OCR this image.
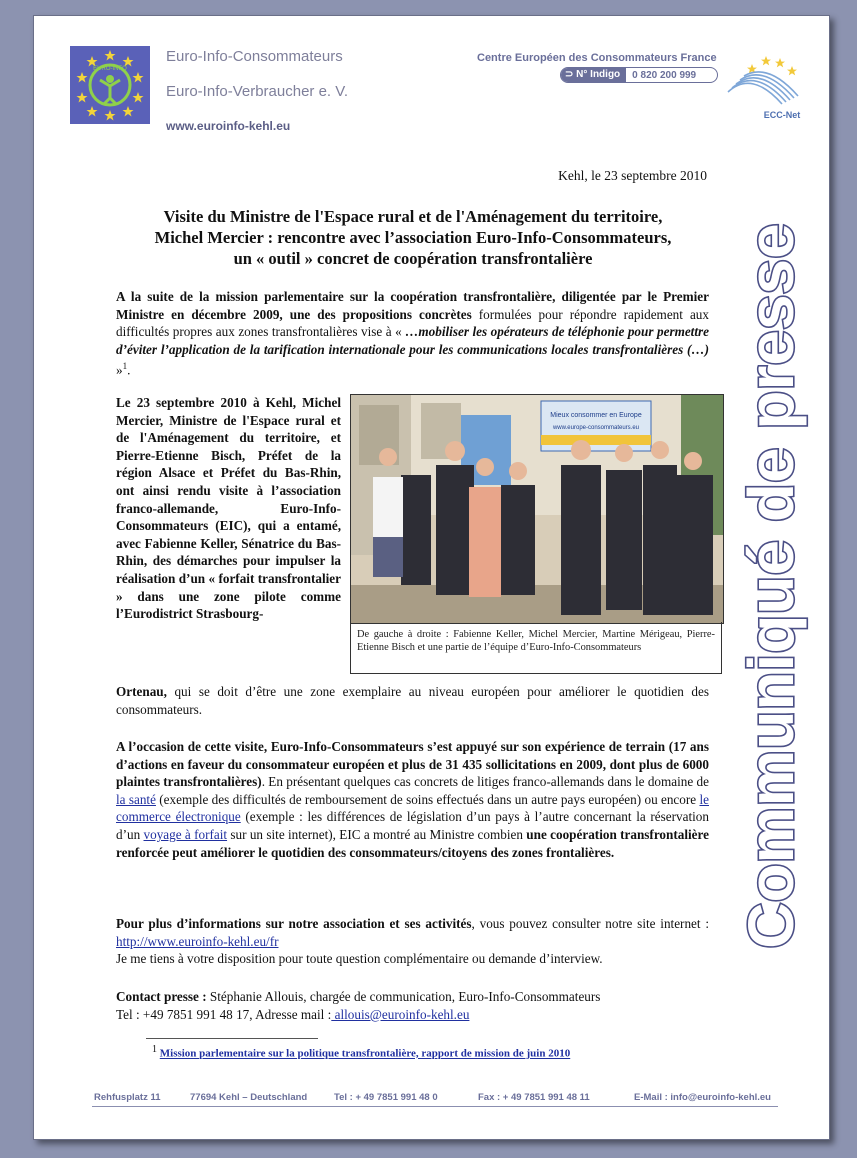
EURO-INFO
Euro-Info-Consommateurs
Euro-Info-Verbraucher e. V.
www.euroinfo-kehl.eu
Centre Européen des Consommateurs France
⊃ N° Indigo	0 820 200 999
ECC-Net
Kehl, le 23 septembre 2010
Visite du Ministre de l'Espace rural et de l'Aménagement du territoire,
Michel Mercier : rencontre avec l’association Euro-Info-Consommateurs,
un « outil » concret de coopération transfrontalière	Communiqué de presse
A la suite de la mission parlementaire sur la coopération transfrontalière, diligentée par le Premier Ministre en décembre 2009, une des propositions concrètes formulées pour répondre rapidement aux difficultés propres aux zones transfrontalières vise à « …mobiliser les opérateurs de téléphonie pour permettre d’éviter l’application de la tarification internationale pour les communications locales transfrontalières (…) »$^1$.
Le 23 septembre 2010 à Kehl, Michel Mercier, Ministre de l'Espace rural et de l'Aménagement du territoire, et Pierre-Etienne Bisch, Préfet de la région Alsace et Préfet du Bas-Rhin, ont ainsi rendu visite à l’association franco-allemande, Euro-Info-Consommateurs (EIC), qui a entamé, avec Fabienne Keller, Sénatrice du Bas-Rhin, des démarches pour impulser la réalisation d’un « forfait transfrontalier » dans une zone pilote comme l’Eurodistrict Strasbourg-
Mieux consommer en Europe
www.europe-consommateurs.eu
De gauche à droite : Fabienne Keller, Michel Mercier, Martine Mérigeau, Pierre-Etienne Bisch et une partie de l’équipe d’Euro-Info-Consommateurs
Ortenau, qui se doit d’être une zone exemplaire au niveau européen pour améliorer le quotidien des consommateurs.
A l’occasion de cette visite, Euro-Info-Consommateurs s’est appuyé sur son expérience de terrain (17 ans d’actions en faveur du consommateur européen et plus de 31 435 sollicitations en 2009, dont plus de 6000 plaintes transfrontalières). En présentant quelques cas concrets de litiges franco-allemands dans le domaine de la santé (exemple des difficultés de remboursement de soins effectués dans un autre pays européen) ou encore le commerce électronique (exemple : les différences de législation d’un pays à l’autre concernant la réservation d’un voyage à forfait sur un site internet), EIC a montré au Ministre combien une coopération transfrontalière renforcée peut améliorer le quotidien des consommateurs/citoyens des zones frontalières.
Pour plus d’informations sur notre association et ses activités, vous pouvez consulter notre site internet : http://www.euroinfo-kehl.eu/fr
Je me tiens à votre disposition pour toute question complémentaire ou demande d’interview.
Contact presse : Stéphanie Allouis, chargée de communication, Euro-Info-Consommateurs
Tel : +49 7851 991 48 17, Adresse mail : allouis@euroinfo-kehl.eu
$^1$ Mission parlementaire sur la politique transfrontalière, rapport de mission de juin 2010
Rehfusplatz 11	77694 Kehl – Deutschland	Tel : + 49 7851 991 48 0	Fax : + 49 7851 991 48 11	E-Mail : info@euroinfo-kehl.eu
